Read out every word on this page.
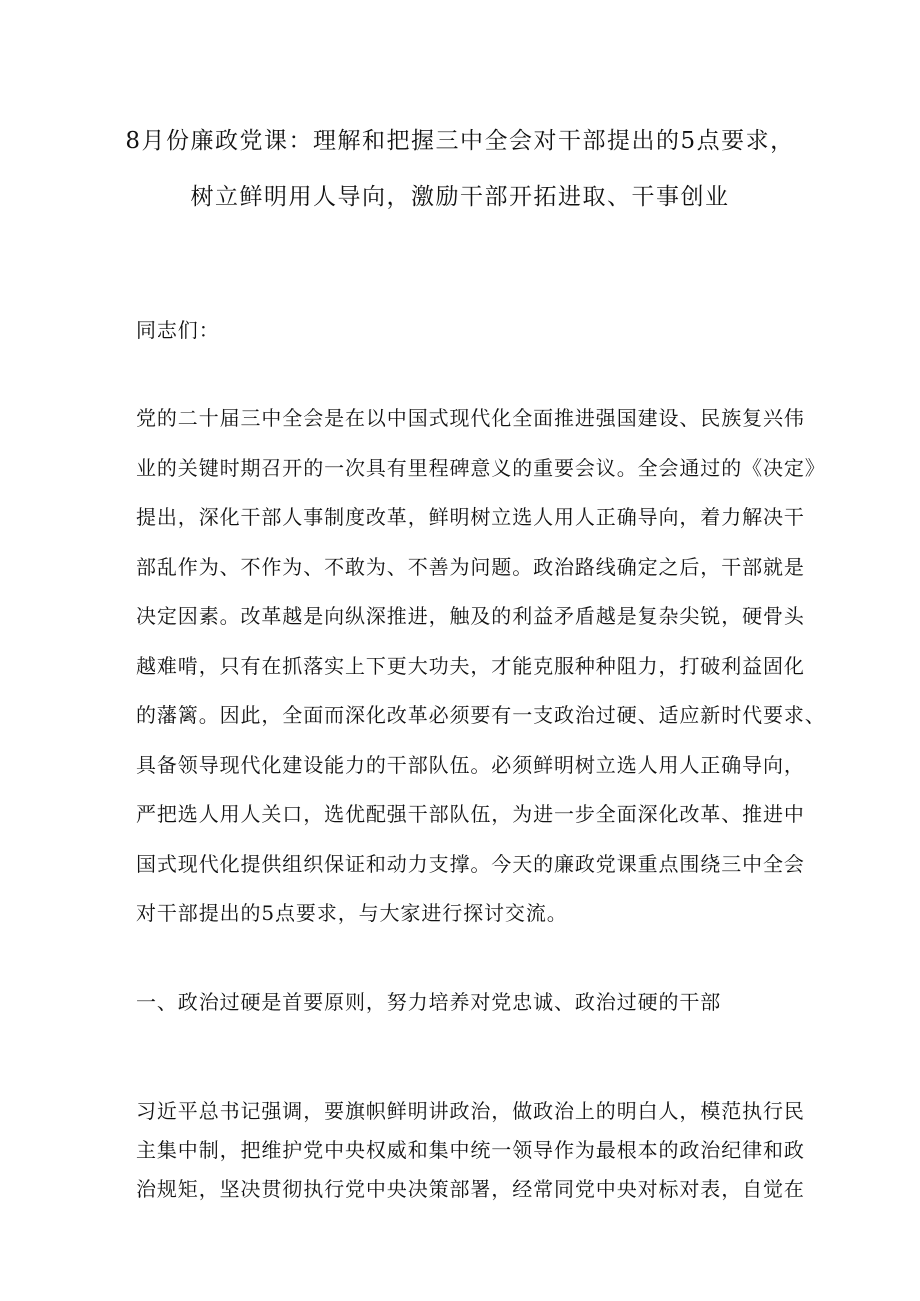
8月份廉政党课：理解和把握三中全会对干部提出的5点要求，
树立鲜明用人导向，激励干部开拓进取、干事创业
同志们：
党的二十届三中全会是在以中国式现代化全面推进强国建设、民族复兴伟
业的关键时期召开的一次具有里程碑意义的重要会议。全会通过的《决定》
提出，深化干部人事制度改革，鲜明树立选人用人正确导向，着力解决干
部乱作为、不作为、不敢为、不善为问题。政治路线确定之后，干部就是
决定因素。改革越是向纵深推进，触及的利益矛盾越是复杂尖锐，硬骨头
越难啃，只有在抓落实上下更大功夫，才能克服种种阻力，打破利益固化
的藩篱。因此，全面而深化改革必须要有一支政治过硬、适应新时代要求、
具备领导现代化建设能力的干部队伍。必须鲜明树立选人用人正确导向，
严把选人用人关口，选优配强干部队伍，为进一步全面深化改革、推进中
国式现代化提供组织保证和动力支撑。今天的廉政党课重点围绕三中全会
对干部提出的5点要求，与大家进行探讨交流。
一、政治过硬是首要原则，努力培养对党忠诚、政治过硬的干部
习近平总书记强调，要旗帜鲜明讲政治，做政治上的明白人，模范执行民
主集中制，把维护党中央权威和集中统一领导作为最根本的政治纪律和政
治规矩，坚决贯彻执行党中央决策部署，经常同党中央对标对表，自觉在
